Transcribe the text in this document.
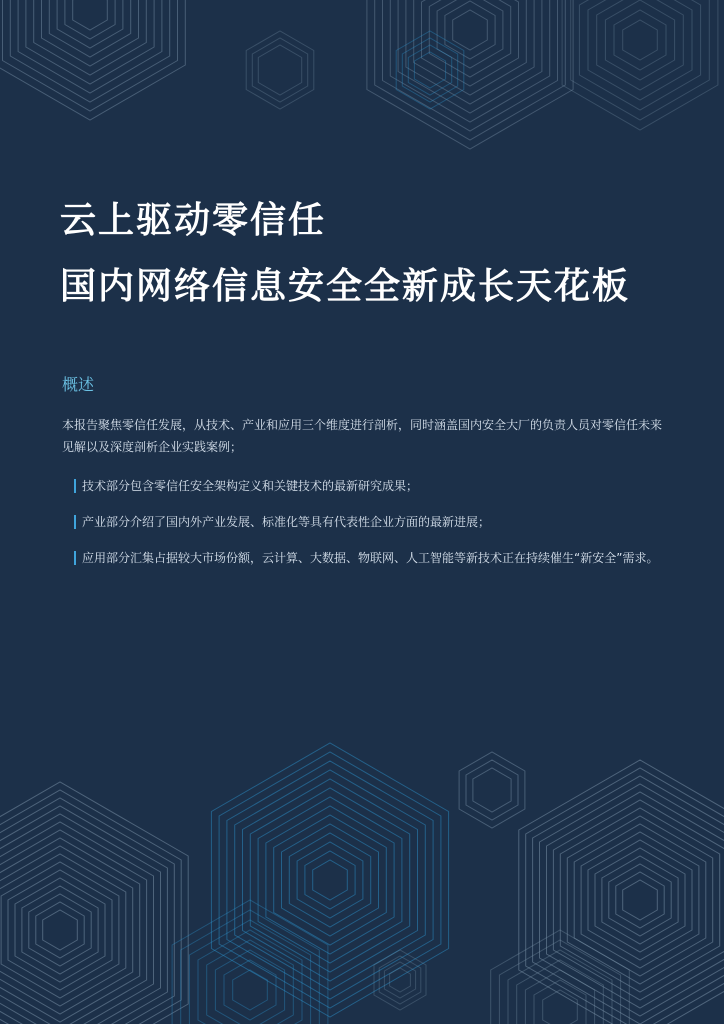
云上驱动零信任
国内网络信息安全全新成长天花板
概述

本报告聚焦零信任发展，从技术、产业和应用三个维度进行剖析，同时涵盖国内安全大厂的负责人员对零信任未来见解以及深度剖析企业实践案例；

技术部分包含零信任安全架构定义和关键技术的最新研究成果；
产业部分介绍了国内外产业发展、标准化等具有代表性企业方面的最新进展；
应用部分汇集占据较大市场份额，云计算、大数据、物联网、人工智能等新技术正在持续催生“新安全”需求。
